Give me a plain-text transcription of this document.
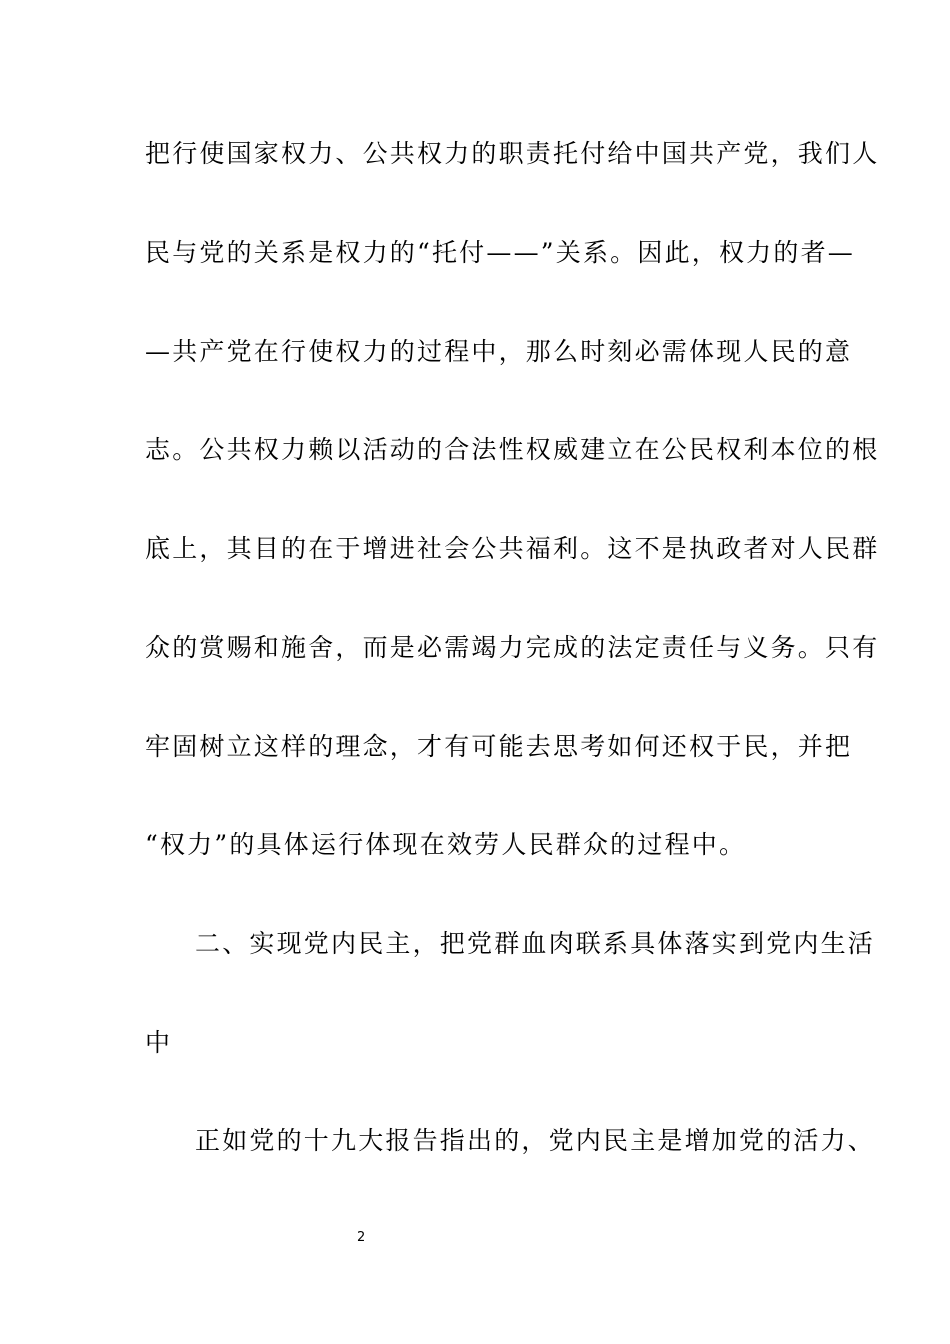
把行使国家权力、公共权力的职责托付给中国共产党，我们人
民与党的关系是权力的“托付——”关系。因此，权力的者—
—共产党在行使权力的过程中，那么时刻必需体现人民的意
志。公共权力赖以活动的合法性权威建立在公民权利本位的根
底上，其目的在于增进社会公共福利。这不是执政者对人民群
众的赏赐和施舍，而是必需竭力完成的法定责任与义务。只有
牢固树立这样的理念，才有可能去思考如何还权于民，并把
“权力”的具体运行体现在效劳人民群众的过程中。
二、实现党内民主，把党群血肉联系具体落实到党内生活
中
正如党的十九大报告指出的，党内民主是增加党的活力、
2
